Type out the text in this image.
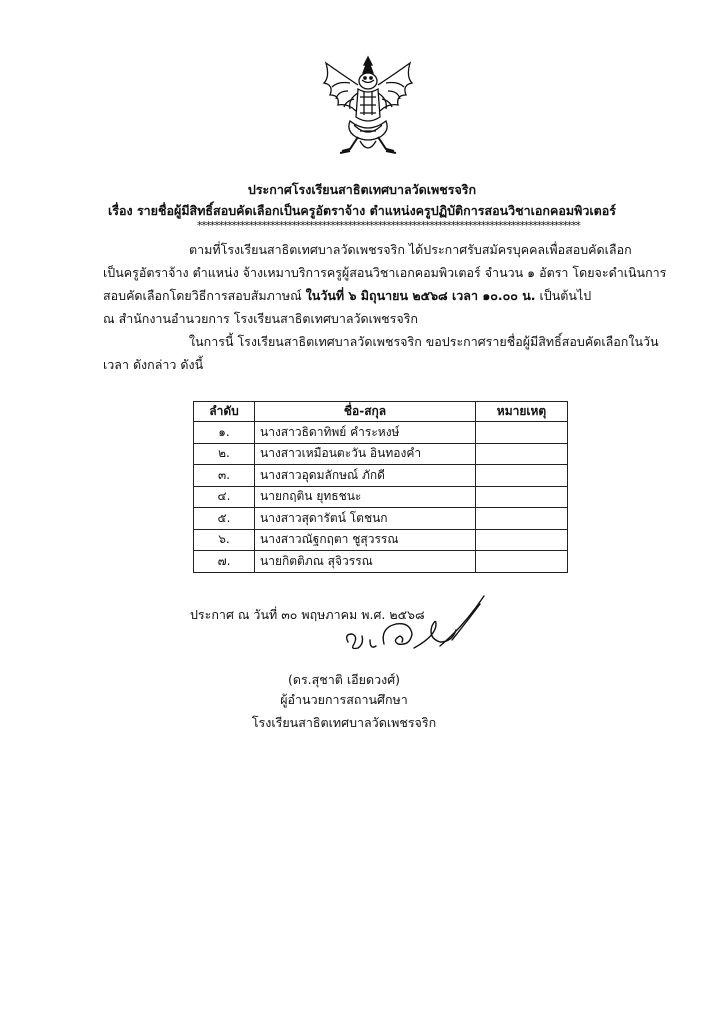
ประกาศโรงเรียนสาธิตเทศบาลวัดเพชรจริก
เรื่อง รายชื่อผู้มีสิทธิ์สอบคัดเลือกเป็นครูอัตราจ้าง ตำแหน่งครูปฏิบัติการสอนวิชาเอกคอมพิวเตอร์
*****************************************************************************************
ตามที่โรงเรียนสาธิตเทศบาลวัดเพชรจริก ได้ประกาศรับสมัครบุคคลเพื่อสอบคัดเลือก
เป็นครูอัตราจ้าง ตำแหน่ง จ้างเหมาบริการครูผู้สอนวิชาเอกคอมพิวเตอร์ จำนวน ๑ อัตรา โดยจะดำเนินการ
สอบคัดเลือกโดยวิธีการสอบสัมภาษณ์ ในวันที่ ๖ มิถุนายน ๒๕๖๘ เวลา ๑๐.๐๐ น. เป็นต้นไป
ณ สำนักงานอำนวยการ โรงเรียนสาธิตเทศบาลวัดเพชรจริก
ในการนี้ โรงเรียนสาธิตเทศบาลวัดเพชรจริก ขอประกาศรายชื่อผู้มีสิทธิ์สอบคัดเลือกในวัน
เวลา ดังกล่าว ดังนี้
ลำดับ	ชื่อ-สกุล	หมายเหตุ
๑.	นางสาวธิดาทิพย์ คำระหงษ์	
๒.	นางสาวเหมือนตะวัน อินทองคำ	
๓.	นางสาวอุดมลักษณ์ ภักดี	
๔.	นายกฤติน ยุทธชนะ	
๕.	นางสาวสุดารัตน์ โตชนก	
๖.	นางสาวณัฐกฤตา ชูสุวรรณ	
๗.	นายกิตติภณ สุจิวรรณ	
ประกาศ ณ วันที่ ๓๐ พฤษภาคม พ.ศ. ๒๕๖๘
(ดร.สุชาติ เอียดวงศ์)
ผู้อำนวยการสถานศึกษา
โรงเรียนสาธิตเทศบาลวัดเพชรจริก
